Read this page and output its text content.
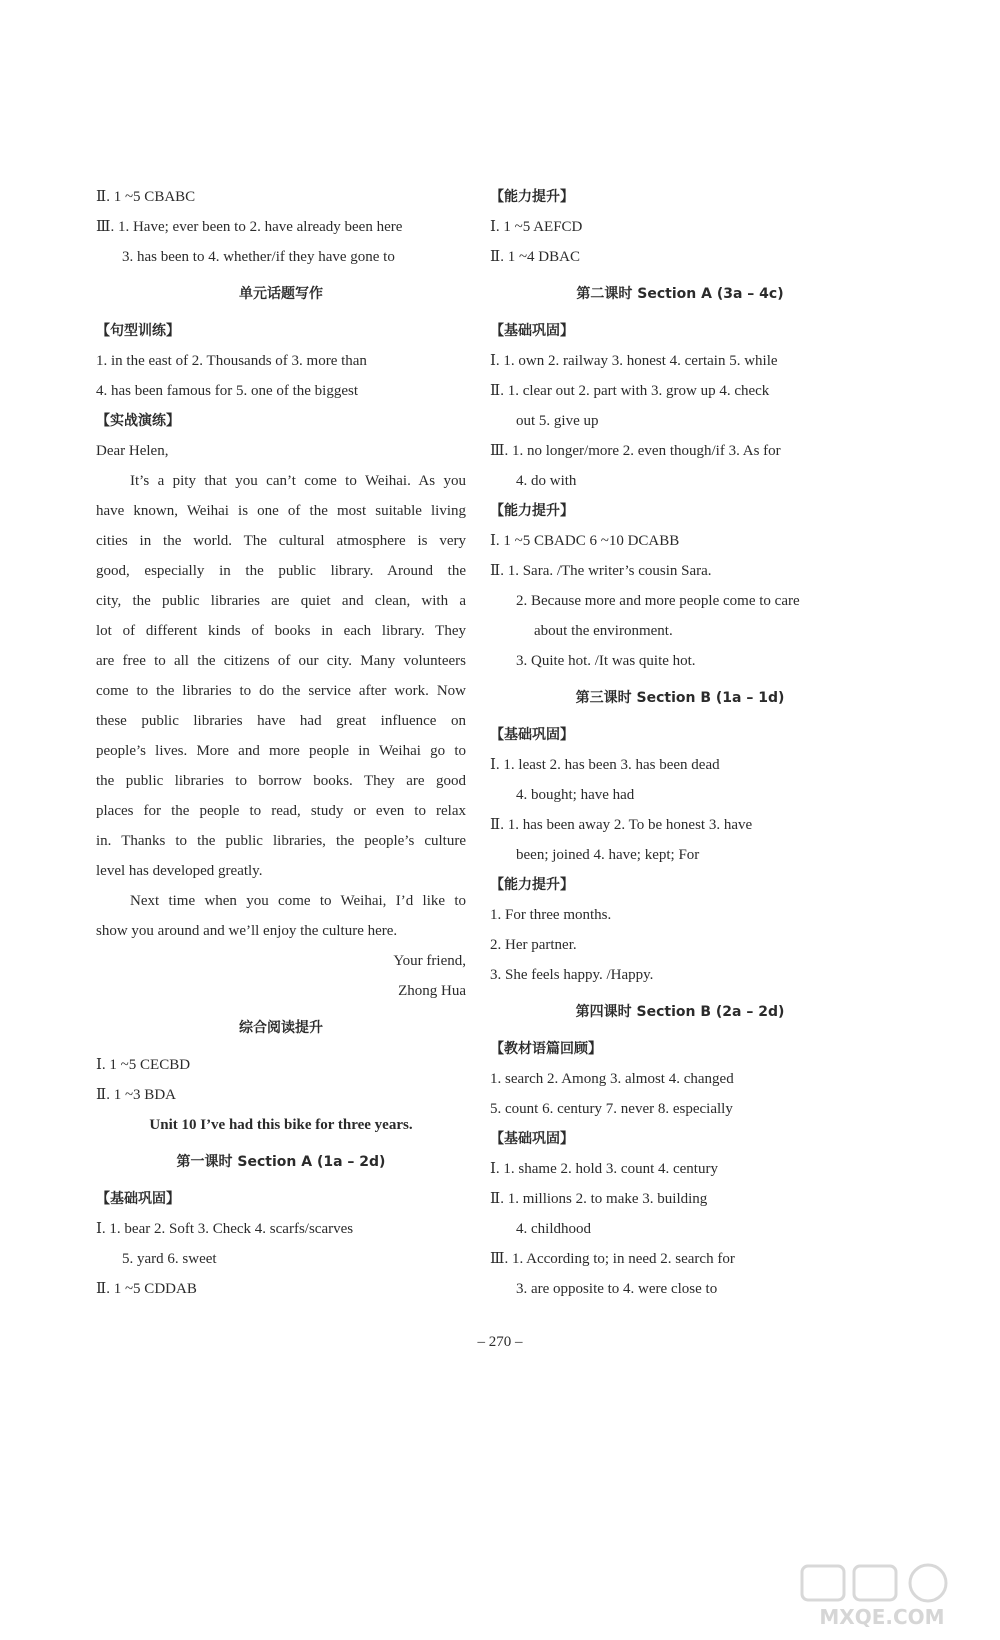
Ⅱ. 1 ~5 CBABC
Ⅲ. 1. Have; ever been to 2. have already been here
3. has been to 4. whether/if they have gone to
单元话题写作
【句型训练】
1. in the east of 2. Thousands of 3. more than
4. has been famous for 5. one of the biggest
【实战演练】
Dear Helen,
It’s a pity that you can’t come to Weihai. As you
have known, Weihai is one of the most suitable living
cities in the world. The cultural atmosphere is very
good, especially in the public library. Around the
city, the public libraries are quiet and clean, with a
lot of different kinds of books in each library. They
are free to all the citizens of our city. Many volunteers
come to the libraries to do the service after work. Now
these public libraries have had great influence on
people’s lives. More and more people in Weihai go to
the public libraries to borrow books. They are good
places for the people to read, study or even to relax
in. Thanks to the public libraries, the people’s culture
level has developed greatly.
Next time when you come to Weihai, I’d like to
show you around and we’ll enjoy the culture here.
Your friend,
Zhong Hua
综合阅读提升
Ⅰ. 1 ~5 CECBD
Ⅱ. 1 ~3 BDA
Unit 10 I’ve had this bike for three years.
第一课时 Section A (1a – 2d)
【基础巩固】
Ⅰ. 1. bear 2. Soft 3. Check 4. scarfs/scarves
5. yard 6. sweet
Ⅱ. 1 ~5 CDDAB
【能力提升】
Ⅰ. 1 ~5 AEFCD
Ⅱ. 1 ~4 DBAC
第二课时 Section A (3a – 4c)
【基础巩固】
Ⅰ. 1. own 2. railway 3. honest 4. certain 5. while
Ⅱ. 1. clear out 2. part with 3. grow up 4. check
out 5. give up
Ⅲ. 1. no longer/more 2. even though/if 3. As for
4. do with
【能力提升】
Ⅰ. 1 ~5 CBADC 6 ~10 DCABB
Ⅱ. 1. Sara. /The writer’s cousin Sara.
2. Because more and more people come to care
about the environment.
3. Quite hot. /It was quite hot.
第三课时 Section B (1a – 1d)
【基础巩固】
Ⅰ. 1. least 2. has been 3. has been dead
4. bought; have had
Ⅱ. 1. has been away 2. To be honest 3. have
been; joined 4. have; kept; For
【能力提升】
1. For three months.
2. Her partner.
3. She feels happy. /Happy.
第四课时 Section B (2a – 2d)
【教材语篇回顾】
1. search 2. Among 3. almost 4. changed
5. count 6. century 7. never 8. especially
【基础巩固】
Ⅰ. 1. shame 2. hold 3. count 4. century
Ⅱ. 1. millions 2. to make 3. building
4. childhood
Ⅲ. 1. According to; in need 2. search for
3. are opposite to 4. were close to
– 270 –
MXQE.COM
